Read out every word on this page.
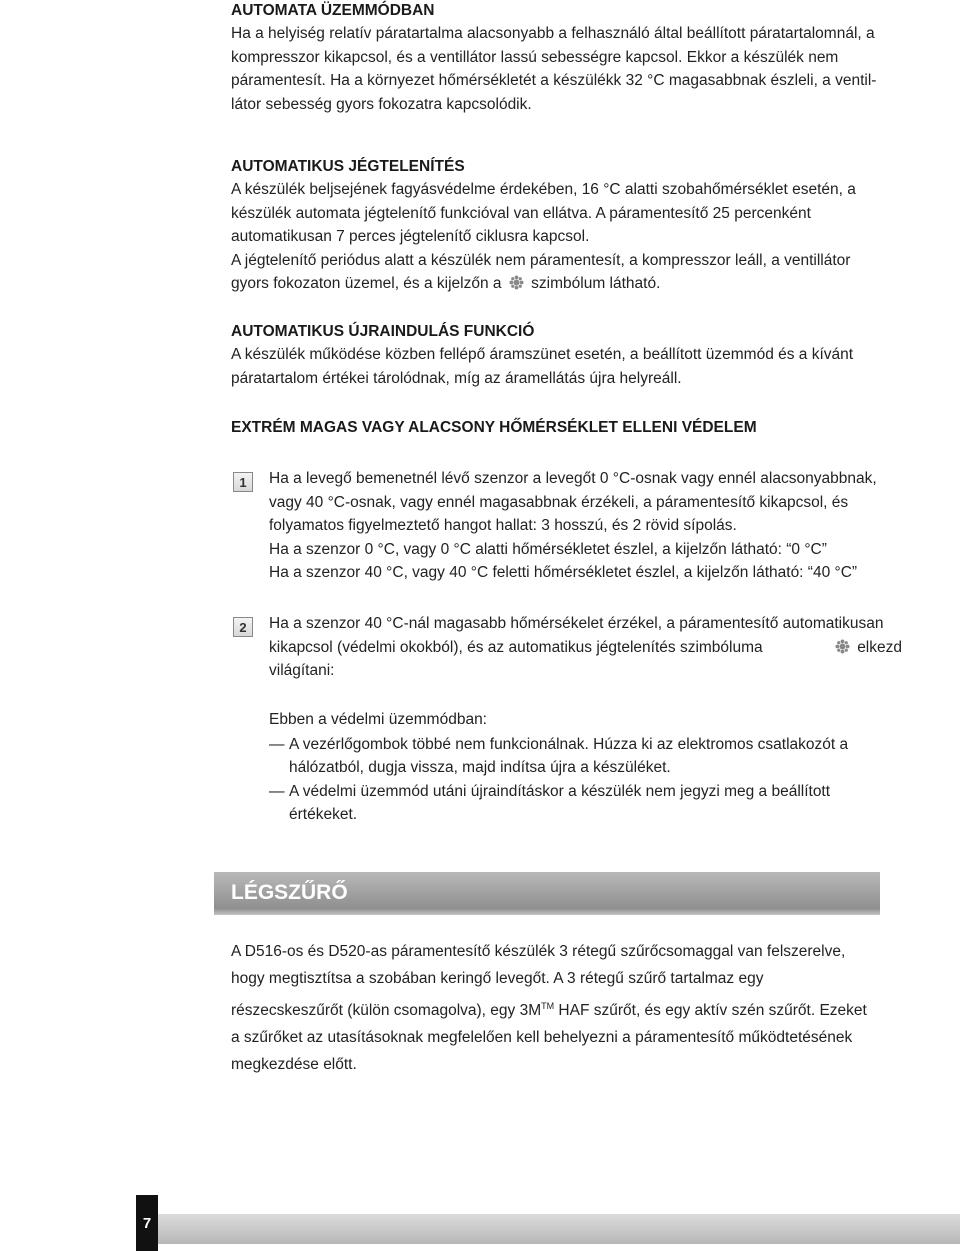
AUTOMATA ÜZEMMÓDBAN
Ha a helyiség relatív páratartalma alacsonyabb a felhasználó által beállított páratartalomnál, a
kompresszor kikapcsol, és a ventillátor lassú sebességre kapcsol. Ekkor a készülék nem
páramentesít. Ha a környezet hőmérsékletét a készülékk 32 °C magasabbnak észleli, a ventil-
látor sebesség gyors fokozatra kapcsolódik.
AUTOMATIKUS JÉGTELENÍTÉS
A készülék beljsejének fagyásvédelme érdekében, 16 °C alatti szobahőmérséklet esetén, a
készülék automata jégtelenítő funkcióval van ellátva. A páramentesítő 25 percenként
automatikusan 7 perces jégtelenítő ciklusra kapcsol.
A jégtelenítő periódus alatt a készülék nem páramentesít, a kompresszor leáll, a ventillátor
gyors fokozaton üzemel, és a kijelzőn a szimbólum látható.
AUTOMATIKUS ÚJRAINDULÁS FUNKCIÓ
A készülék működése közben fellépő áramszünet esetén, a beállított üzemmód és a kívánt
páratartalom értékei tárolódnak, míg az áramellátás újra helyreáll.
EXTRÉM MAGAS VAGY ALACSONY HŐMÉRSÉKLET ELLENI VÉDELEM
1	Ha a levegő bemenetnél lévő szenzor a levegőt 0 °C-osnak vagy ennél alacsonyabbnak,
vagy 40 °C-osnak, vagy ennél magasabbnak érzékeli, a páramentesítő kikapcsol, és
folyamatos figyelmeztető hangot hallat: 3 hosszú, és 2 rövid sípolás.
Ha a szenzor 0 °C, vagy 0 °C alatti hőmérsékletet észlel, a kijelzőn látható: “0 °C”
Ha a szenzor 40 °C, vagy 40 °C feletti hőmérsékletet észlel, a kijelzőn látható: “40 °C”
2	Ha a szenzor 40 °C-nál magasabb hőmérsékelet érzékel, a páramentesítő automatikusan
kikapcsol (védelmi okokból), és az automatikus jégtelenítés szimbóluma	elkezd
világítani:
Ebben a védelmi üzemmódban:
— A vezérlőgombok többé nem funkcionálnak. Húzza ki az elektromos csatlakozót a
hálózatból, dugja vissza, majd indítsa újra a készüléket.
— A védelmi üzemmód utáni újraindításkor a készülék nem jegyzi meg a beállított
értékeket.
LÉGSZŰRŐ
A D516-os és D520-as páramentesítő készülék 3 rétegű szűrőcsomaggal van felszerelve,
hogy megtisztítsa a szobában keringő levegőt. A 3 rétegű szűrő tartalmaz egy
részecskeszűrőt (külön csomagolva), egy 3M™ HAF szűrőt, és egy aktív szén szűrőt. Ezeket
a szűrőket az utasításoknak megfelelően kell behelyezni a páramentesítő működtetésének
megkezdése előtt.
7
